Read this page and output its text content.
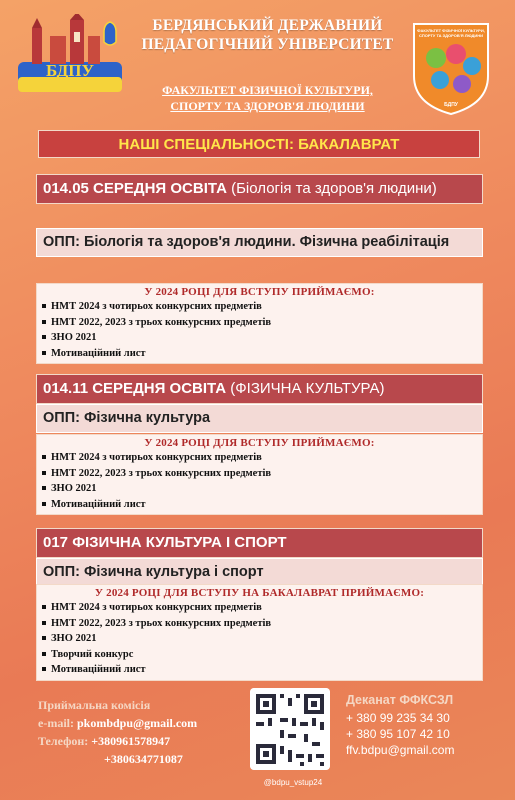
БДПУ
БЕРДЯНСЬКИЙ ДЕРЖАВНИЙ
ПЕДАГОГІЧНИЙ УНІВЕРСИТЕТ
ФАКУЛЬТЕТ ФІЗИЧНОЇ КУЛЬТУРИ,
СПОРТУ ТА ЗДОРОВ'Я ЛЮДИНИ
ФАКУЛЬТЕТ ФІЗИЧНОЇ КУЛЬТУРИ,
СПОРТУ ТА ЗДОРОВ'Я ЛЮДИНИ
БДПУ
НАШІ СПЕЦІАЛЬНОСТІ: БАКАЛАВРАТ
014.05 СЕРЕДНЯ ОСВІТА (Біологія та здоров'я людини)
ОПП: Біологія та здоров'я людини. Фізична реабілітація
У 2024 РОЦІ ДЛЯ ВСТУПУ ПРИЙМАЄМО:
НМТ 2024 з чотирьох конкурсних предметів
НМТ 2022, 2023 з трьох конкурсних предметів
ЗНО 2021
Мотиваційний лист
014.11 СЕРЕДНЯ ОСВІТА (ФІЗИЧНА КУЛЬТУРА)
ОПП: Фізична культура
У 2024 РОЦІ ДЛЯ ВСТУПУ ПРИЙМАЄМО:
НМТ 2024 з чотирьох конкурсних предметів
НМТ 2022, 2023 з трьох конкурсних предметів
ЗНО 2021
Мотиваційний лист
017 ФІЗИЧНА КУЛЬТУРА І СПОРТ
ОПП: Фізична культура і спорт
У 2024 РОЦІ ДЛЯ ВСТУПУ НА БАКАЛАВРАТ ПРИЙМАЄМО:
НМТ 2024 з чотирьох конкурсних предметів
НМТ 2022, 2023 з трьох конкурсних предметів
ЗНО 2021
Творчий конкурс
Мотиваційний лист
Приймальна комісія
e-mail: pkombdpu@gmail.com
Телефон: +380961578947
+380634771087
@bdpu_vstup24
Деканат ФФКСЗЛ
+ 380 99 235 34 30
+ 380 95 107 42 10
ffv.bdpu@gmail.com
